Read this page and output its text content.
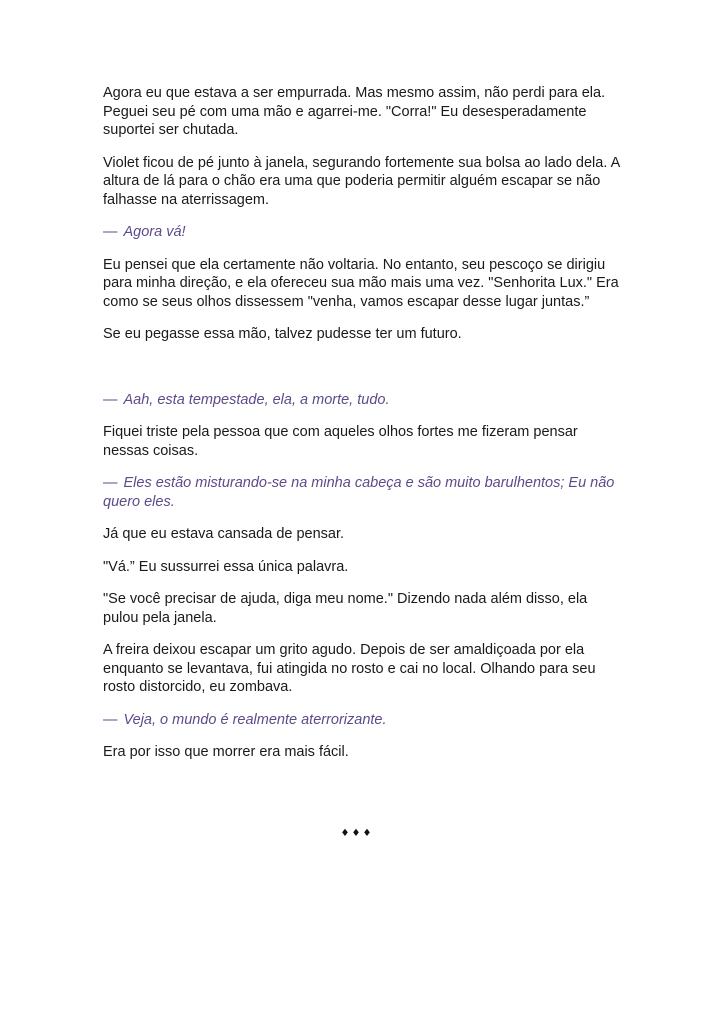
Agora eu que estava a ser empurrada. Mas mesmo assim, não perdi para ela. Peguei seu pé com uma mão e agarrei-me. "Corra!" Eu desesperadamente suportei ser chutada.

Violet ficou de pé junto à janela, segurando fortemente sua bolsa ao lado dela. A altura de lá para o chão era uma que poderia permitir alguém escapar se não falhasse na aterrissagem.

— Agora vá!

Eu pensei que ela certamente não voltaria. No entanto, seu pescoço se dirigiu para minha direção, e ela ofereceu sua mão mais uma vez. "Senhorita Lux." Era como se seus olhos dissessem "venha, vamos escapar desse lugar juntas.”

Se eu pegasse essa mão, talvez pudesse ter um futuro.

— Aah, esta tempestade, ela, a morte, tudo.

Fiquei triste pela pessoa que com aqueles olhos fortes me fizeram pensar nessas coisas.

— Eles estão misturando-se na minha cabeça e são muito barulhentos; Eu não quero eles.

Já que eu estava cansada de pensar.

"Vá.” Eu sussurrei essa única palavra.

"Se você precisar de ajuda, diga meu nome." Dizendo nada além disso, ela pulou pela janela.

A freira deixou escapar um grito agudo. Depois de ser amaldiçoada por ela enquanto se levantava, fui atingida no rosto e cai no local. Olhando para seu rosto distorcido, eu zombava.

— Veja, o mundo é realmente aterrorizante.

Era por isso que morrer era mais fácil.

♦♦♦
